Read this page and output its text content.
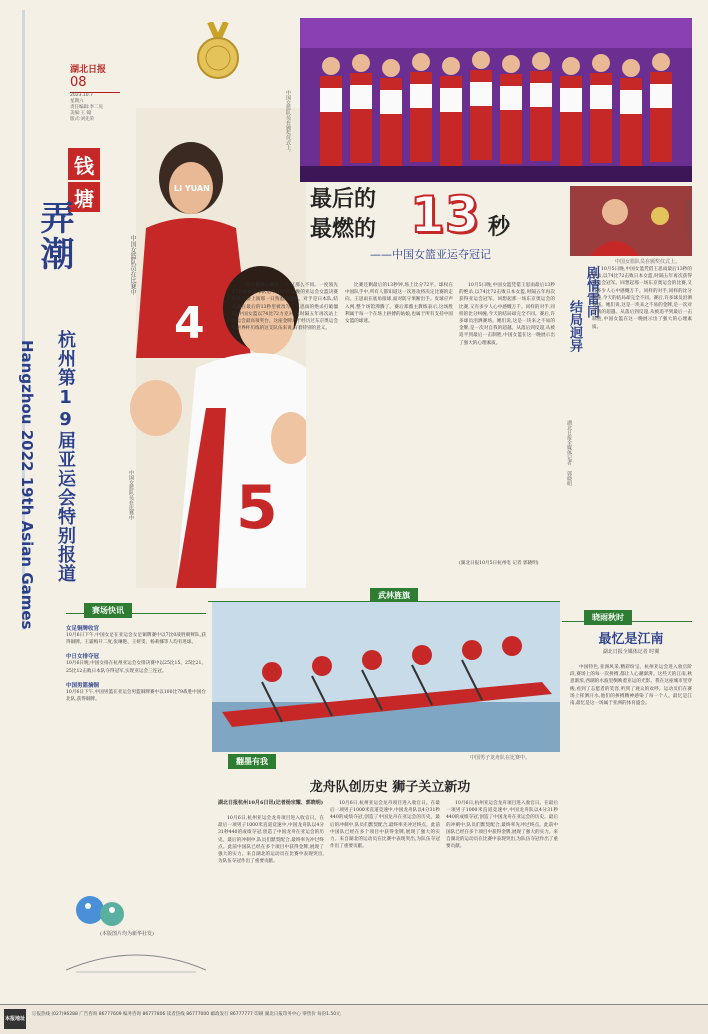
湖北日报
08
2023.10.7
星期六
责任编辑:李二见
美编:王 翰
版式:刘先荣
钱
塘
弄潮
杭州第19届亚运会特别报道
Hangzhou 2022 19th Asian Games
4
5
LI YUAN
中国女篮队员在比赛中
中国女篮队员在颁奖仪式上。
郑薇在颁奖仪式上。
中国女篮队员在颁奖仪式上。
最后的
最燃的 13 秒
——中国女篮亚运夺冠记
一切仿佛那么相似,一切又那么不同。一度领先17分却被日本队追平,10月5日晚的亚运会女篮决赛似乎又要上演那一日熟悉的剧本。对手是日本队,结局却在最后的13秒里被改写。王思雨的绝杀打破僵局,中国女篮以74比72力克对手,时隔五年再次站上亚运会最高领奖台。这座金牌对于经历过东京奥运会和世界杯历练的这支队伍来说,有着特别的意义。
比赛还剩最后的13秒钟,场上比分72平。球权在中国队手中,所有人都知道这一次进攻将决定比赛的走向。王思雨在底角接球,面对防守果断出手。皮球应声入网,整个场馆沸腾了。赛后郑薇主教练表示,这场胜利属于每一个在场上拼搏的姑娘,也属于所有支持中国女篮的球迷。
10月5日晚,中国女篮凭借王思雨最后13秒的绝杀,以74比72击败日本女篮,时隔五年再次获得亚运会冠军。回想起那一场东京奥运会的比赛,又有多少人心中感慨万千。同样的对手,同样的比分纠缠,今天的结局却完全不同。赛后,许多球员泪洒赛场。她们说,这是一块来之不易的金牌,是一次对自我的超越。从落后到反超,从被追平到最后一击制胜,中国女篮在这一晚展示出了强大的心理素质。
(湖北日报10月5日杭州电 记者 郭晓明)
中国女篮队员在比赛中
剧情雷同
结局迥异
湖北日报全媒体记者 郭晓明
10月5日晚,中国女篮凭借王思雨最后13秒的绝杀,以74比72击败日本女篮,时隔五年再次获得亚运会冠军。回想起那一场东京奥运会的比赛,又有多少人心中感慨万千。同样的对手,同样的比分纠缠,今天的结局却完全不同。赛后,许多球员泪洒赛场。她们说,这是一块来之不易的金牌,是一次对自我的超越。从落后到反超,从被追平到最后一击制胜,中国女篮在这一晚展示出了强大的心理素质。
赛场快讯
武林旌旗
晓雨秋时
女足铜牌收官
10月6日下午,中国女足在亚运会女足铜牌赛中以7比0战胜朝鲜队,获得铜牌。王霜梅开二度,张琳艳、王妍雯、杨莉娜等人均有进球。
中日女排夺冠
10月6日晚,中国女排在杭州亚运会女排决赛中以25比15、25比21、25比12击败日本队夺得冠军,实现亚运会三连冠。
中国男篮摘铜
10月6日下午,中国男篮在亚运会男篮铜牌赛中以100比79战胜中国台北队,获得铜牌。
(本版图片均为新华社发)
中国男子龙舟队在比赛中。
翻墨有我
龙舟队创历史 狮子关立新功
湖北日报杭州10月6日讯(记者杨宗耀、郭晓明)
10月6日,杭州亚运会龙舟项目进入收官日。在最后一项男子1000米直道竞速中,中国龙舟队以4分31秒440的成绩夺冠,创造了中国龙舟在亚运会的历史。最后的冲刺中,队员们默契配合,最终率先冲过终点。此前中国队已经在多个项目中获得金牌,展现了强大的实力。来自湖北的运动员在比赛中表现突出,为队伍夺冠作出了重要贡献。
10月6日,杭州亚运会龙舟项目进入收官日。在最后一项男子1000米直道竞速中,中国龙舟队以4分31秒440的成绩夺冠,创造了中国龙舟在亚运会的历史。最后的冲刺中,队员们默契配合,最终率先冲过终点。此前中国队已经在多个项目中获得金牌,展现了强大的实力。来自湖北的运动员在比赛中表现突出,为队伍夺冠作出了重要贡献。
10月6日,杭州亚运会龙舟项目进入收官日。在最后一项男子1000米直道竞速中,中国龙舟队以4分31秒440的成绩夺冠,创造了中国龙舟在亚运会的历史。最后的冲刺中,队员们默契配合,最终率先冲过终点。此前中国队已经在多个项目中获得金牌,展现了强大的实力。来自湖北的运动员在比赛中表现突出,为队伍夺冠作出了重要贡献。
最忆是江南
湖北日报全媒体记者 时翼
中国特色,亚洲风采,精彩纷呈。杭州亚运会进入收官阶段,赛场上的每一次拼搏,都让人心潮澎湃。这些天的江南,秋意渐浓,西湖的水波里倒映着亚运的光影。我在这座城市里穿梭,看到了志愿者的笑容,听到了观众的欢呼。运动员们在赛场上挥洒汗水,他们的拼搏精神感染了每一个人。最忆是江南,最忆是这一场属于亚洲的体育盛会。
本报地址
订报热线 (027)96288 广告咨询 86777609 编务咨询 86777806 读者热线 86777000 邮政发行 86777777 印刷 湖北日报印务中心 零售价 每份1.50元
